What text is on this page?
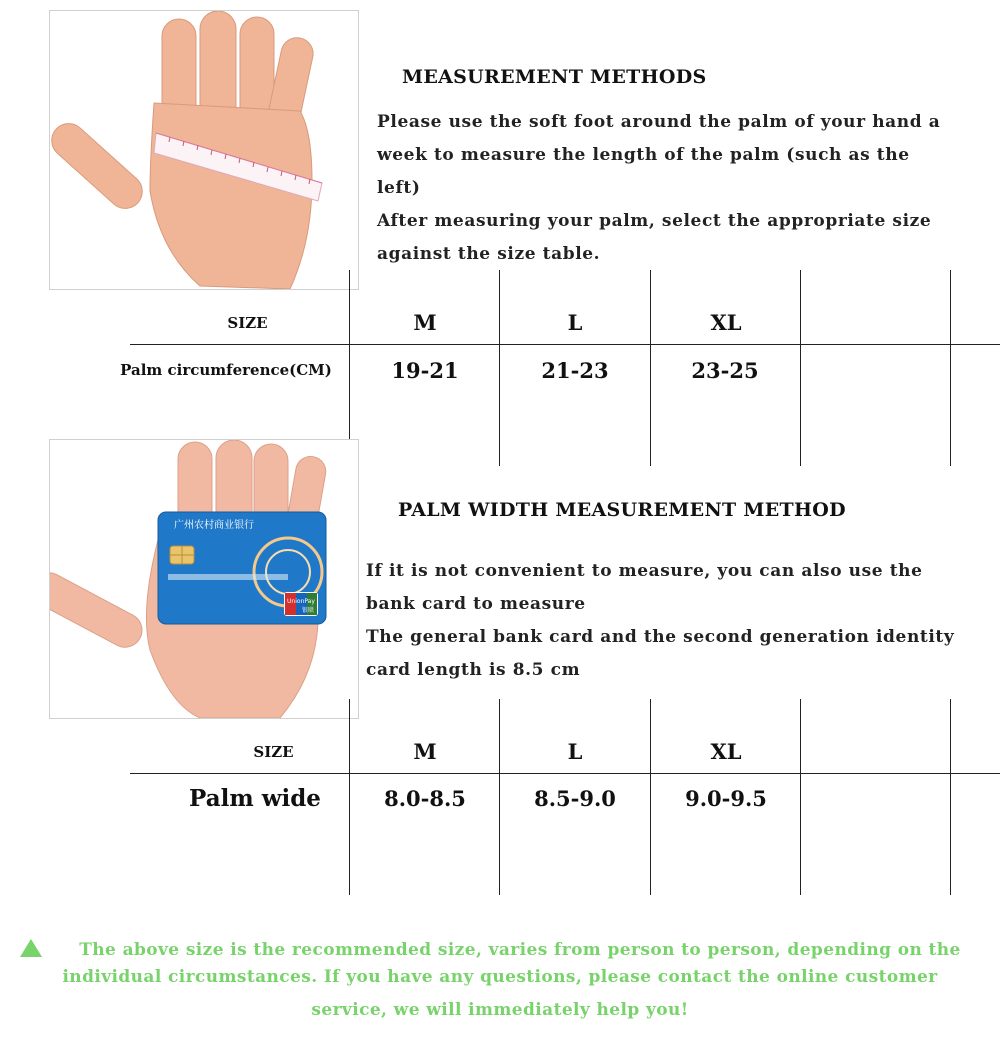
MEASUREMENT METHODS
Please use the soft foot around the palm of your hand a
week to measure the length of the palm (such as the
left)
After measuring your palm, select the appropriate size
against the size table.
SIZE	M	L	XL
Palm circumference(CM)	19-21	21-23	23-25
广州农村商业银行
UnionPay
银联
PALM WIDTH MEASUREMENT METHOD
If it is not convenient to measure, you can also use the
bank card to measure
The general bank card and the second generation identity
card length is 8.5 cm
SIZE	M	L	XL
Palm wide	8.0-8.5	8.5-9.0	9.0-9.5
The above size is the recommended size, varies from person to person, depending on the
individual circumstances. If you have any questions, please contact the online customer
service, we will immediately help you!
